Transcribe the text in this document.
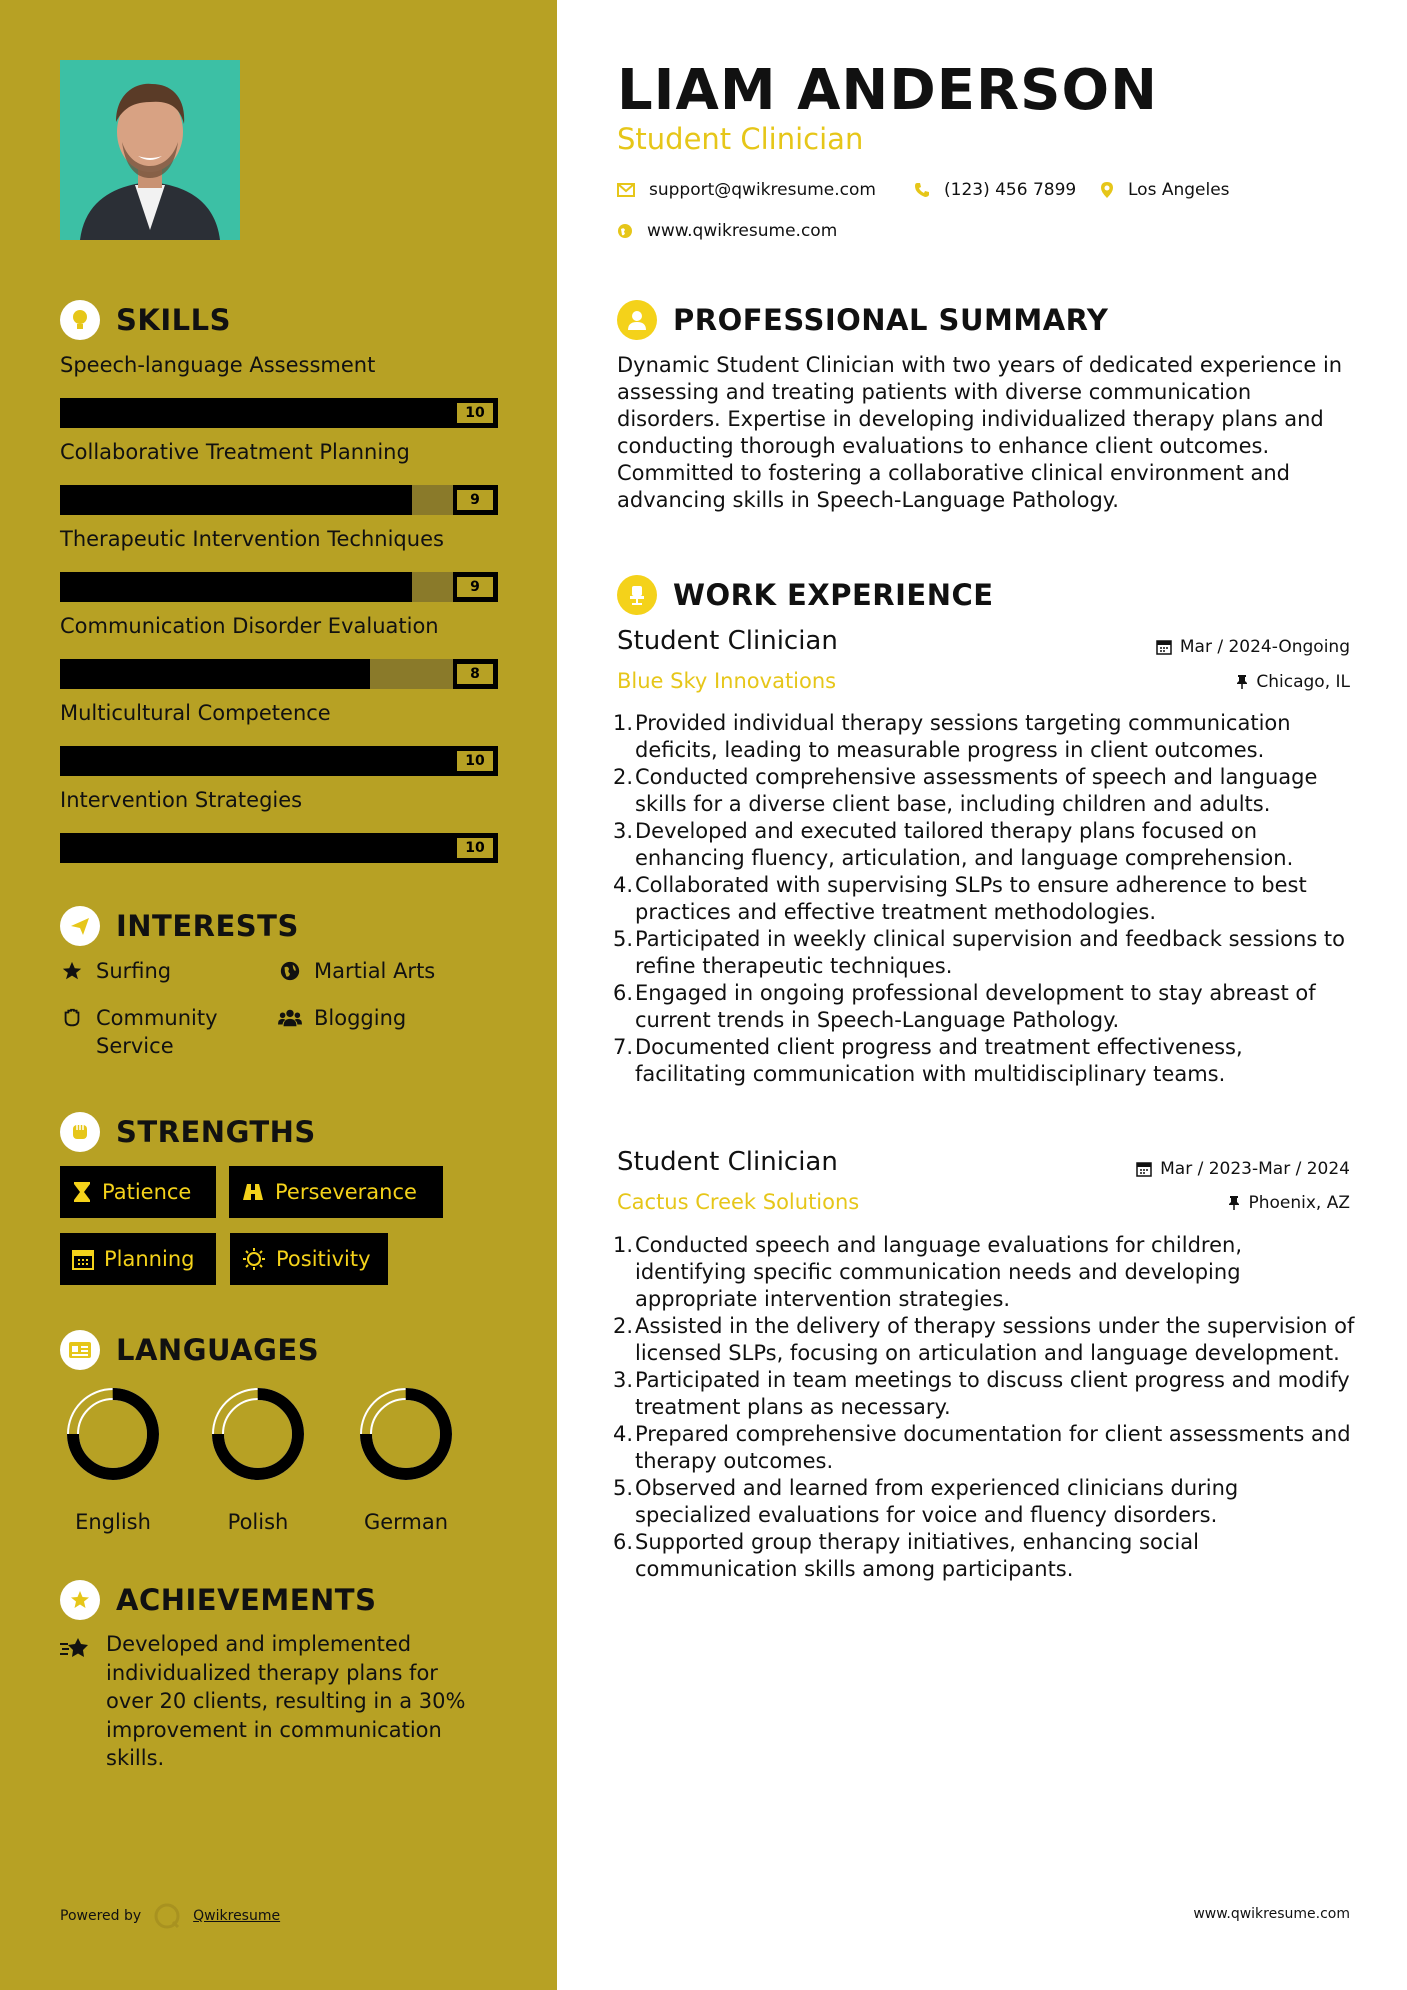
SKILLS
Speech-language Assessment
10
Collaborative Treatment Planning
9
Therapeutic Intervention Techniques
9
Communication Disorder Evaluation
8
Multicultural Competence
10
Intervention Strategies
10
INTERESTS
Surfing	Martial Arts
Community Service
Blogging
STRENGTHS
Patience	Perseverance
Planning	Positivity
LANGUAGES
English	Polish	German
ACHIEVEMENTS
Developed and implemented individualized therapy plans for over 20 clients, resulting in a 30% improvement in communication skills.
Powered by	Qwikresume
LIAM ANDERSON
Student Clinician
support@qwikresume.com	(123) 456 7899	Los Angeles
www.qwikresume.com
PROFESSIONAL SUMMARY

Dynamic Student Clinician with two years of dedicated experience in assessing and treating patients with diverse communication disorders. Expertise in developing individualized therapy plans and conducting thorough evaluations to enhance client outcomes. Committed to fostering a collaborative clinical environment and advancing skills in Speech-Language Pathology.

WORK EXPERIENCE
Student Clinician	Mar / 2024-Ongoing
Blue Sky Innovations	Chicago, IL
1. Provided individual therapy sessions targeting communication deficits, leading to measurable progress in client outcomes.
2. Conducted comprehensive assessments of speech and language skills for a diverse client base, including children and adults.
3. Developed and executed tailored therapy plans focused on enhancing fluency, articulation, and language comprehension.
4. Collaborated with supervising SLPs to ensure adherence to best practices and effective treatment methodologies.
5. Participated in weekly clinical supervision and feedback sessions to refine therapeutic techniques.
6. Engaged in ongoing professional development to stay abreast of current trends in Speech-Language Pathology.
7. Documented client progress and treatment effectiveness, facilitating communication with multidisciplinary teams.
Student Clinician	Mar / 2023-Mar / 2024
Cactus Creek Solutions	Phoenix, AZ
1. Conducted speech and language evaluations for children, identifying specific communication needs and developing appropriate intervention strategies.
2. Assisted in the delivery of therapy sessions under the supervision of licensed SLPs, focusing on articulation and language development.
3. Participated in team meetings to discuss client progress and modify treatment plans as necessary.
4. Prepared comprehensive documentation for client assessments and therapy outcomes.
5. Observed and learned from experienced clinicians during specialized evaluations for voice and fluency disorders.
6. Supported group therapy initiatives, enhancing social communication skills among participants.
www.qwikresume.com
